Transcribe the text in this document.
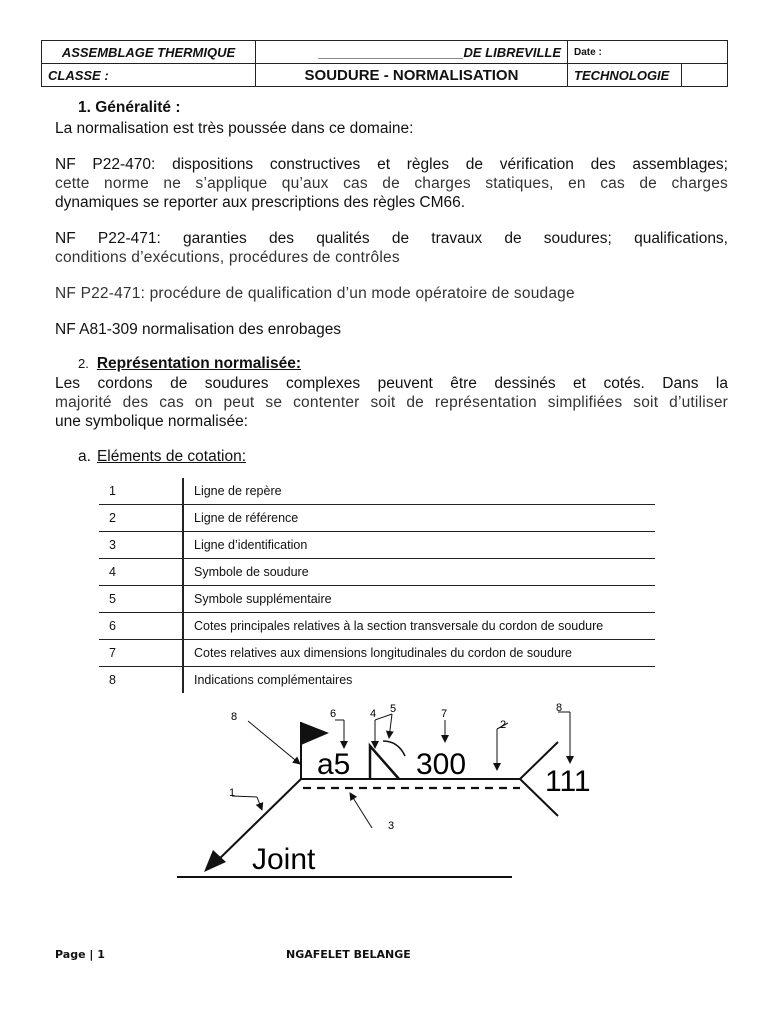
ASSEMBLAGE THERMIQUE	____________________DE LIBREVILLE	Date :	
CLASSE :	SOUDURE - NORMALISATION	TECHNOLOGIE	
1. Généralité :
La normalisation est très poussée dans ce domaine:
NF P22-470: dispositions constructives et règles de vérification des assemblages;
cette norme ne s’applique qu’aux cas de charges statiques, en cas de charges
dynamiques se reporter aux prescriptions des règles CM66.
NF P22-471: garanties des qualités de travaux de soudures; qualifications,
conditions d’exécutions, procédures de contrôles
NF P22-471: procédure de qualification d’un mode opératoire de soudage
NF A81-309 normalisation des enrobages
2. Représentation normalisée:
Les cordons de soudures complexes peuvent être dessinés et cotés. Dans la
majorité des cas on peut se contenter soit de représentation simplifiées soit d’utiliser
une symbolique normalisée:
a. Eléments de cotation:
1	Ligne de repère
2	Ligne de référence
3	Ligne d’identification
4	Symbole de soudure
5	Symbole supplémentaire
6	Cotes principales relatives à la section transversale du cordon de soudure
7	Cotes relatives aux dimensions longitudinales du cordon de soudure
8	Indications complémentaires
a5 300
111
Joint
1
2
3
4 5
6	7
8
8
Page | 1	NGAFELET BELANGE
